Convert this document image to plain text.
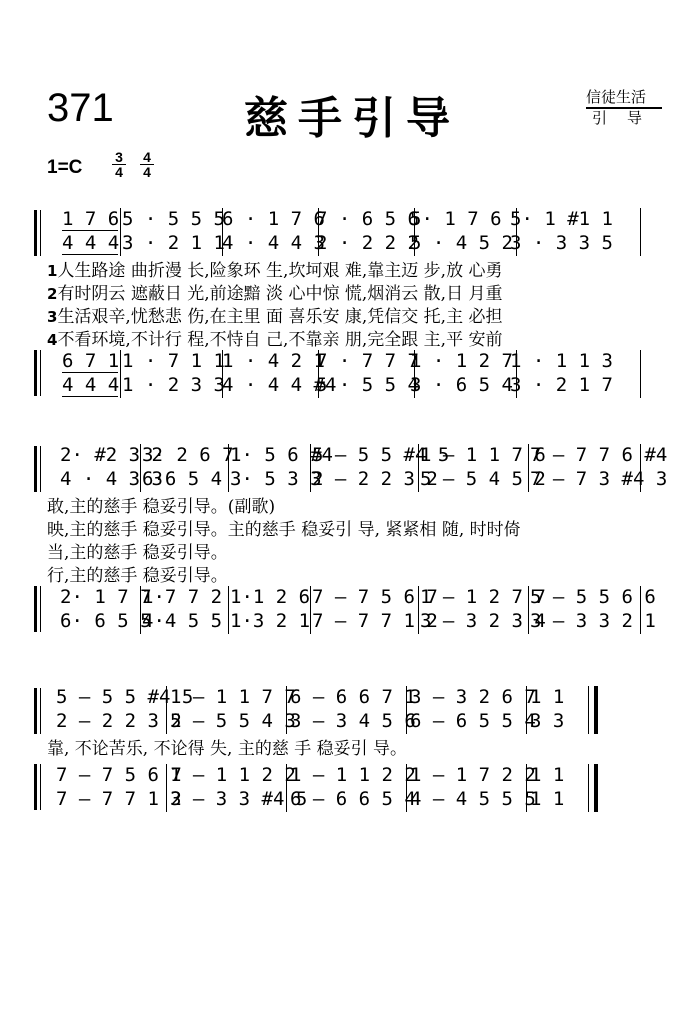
371	慈手引导	信徒生活
引导
1=C 3
4
4
4
1 7 6 5 · 5 5 56 · 1 7 67 · 6 5 65· 1 7 6 5· 1 #1 1
4 4 4 3 · 2 1 14 · 4 4 32 · 2 2 25 · 4 5 23 · 3 3 5
1人生路途 曲折漫 长,险象环 生,坎坷艰 难,靠主迈 步,放 心勇
2有时阴云 遮蔽日 光,前途黯 淡 心中惊 慌,烟消云 散,日 月重
3生活艰辛,忧愁悲 伤,在主里 面 喜乐安 康,凭信交 托,主 必担
4不看环境,不计行 程,不恃自 己,不靠亲 朋,完全跟 主,平 安前
6 7 1 1 · 7 1 11 · 4 2 17 · 7 7 71 · 1 2 71 · 1 1 3
4 4 4 1 · 2 3 34 · 4 4 #45 · 5 5 43 · 6 5 43 · 2 1 7
2· #2 3 23· 2 6 71· 5 6 #45 – 5 5 #4 51 – 1 1 7 67 – 7 7 6 #4
4 · 4 3 36·6 5 4 3· 5 3 32 – 2 2 3 25 – 5 4 5 27 – 7 3 #4 3
敢,主的慈手 稳妥引导。(副歌)
映,主的慈手 稳妥引导。主的慈手 稳妥引 导, 紧紧相 随, 时时倚
当,主的慈手 稳妥引导。
行,主的慈手 稳妥引导。
2· 1 7 71·7 7 2 1·1 2 6 7 – 7 5 6 71 – 1 2 7 75 – 5 5 6 6
6· 6 5 54·4 5 5 1·3 2 1 7 – 7 7 1 23 – 3 2 3 43 – 3 3 2 1
5 – 5 5 #4 51 – 1 1 7 76 – 6 6 7 13 – 3 2 6 71 1
2 – 2 2 3 25 – 5 5 4 33 – 3 4 5 66 – 6 5 5 43 3
靠, 不论苦乐, 不论得 失, 主的慈 手 稳妥引 导。
7 – 7 5 6 71 – 1 1 2 21 – 1 1 2 21 – 1 7 2 21 1
7 – 7 7 1 23 – 3 3 #4 56 – 6 6 5 44 – 4 5 5 51 1
